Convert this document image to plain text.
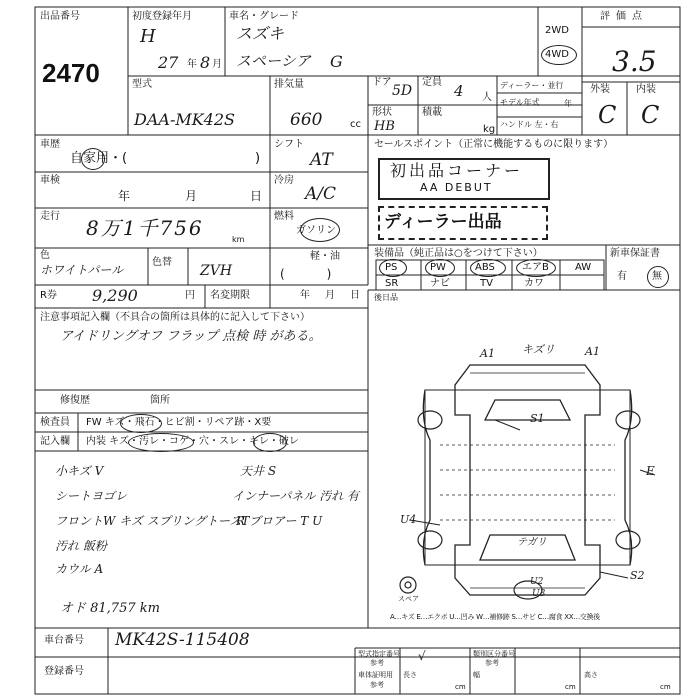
出品番号
2470
初度登録年月
H
27 年 8 月
車名・グレード
スズキ
スペーシア G
2WD
4WD
評価点
3.5
外装	内装
C C
型式
DAA-MK42S
排気量
660	cc
ドア
5D
定員 4 人
形状
HB
積載
kg
ディーラー・並行
モデル年式	年
ハンドル 左・右
車歴
自家用・(	)
車検
年	月	日
走行 8万1千756	km
色
ホワイトパール
色替
ZVH
シフト
AT
冷房
A/C
燃料
ガソリン
軽・油
(           )
R券 9,290	円 名変期限	年 月 日
セールスポイント（正常に機能するものに限ります）
初出品コーナー
AA DEBUT
ディーラー出品
装備品（純正品は○をつけて下さい）
PS	PW	ABS	エアB	AW
SR	ナビ	TV	カワ
新車保証書
有	無
後日品
注意事項記入欄（不具合の箇所は具体的に記入して下さい）
アイドリングオフ フラップ 点検 時 がある。
修復歴	箇所
検査員
記入欄
FW キズ・飛石・ヒビ割・リペア跡・X要
内装 キズ・汚レ・コゲ・穴・スレ・キレ・破レ
小キズ V
シートヨゴレ
フロントW キズ スプリングトースT
汚れ 飯粉
カウル A
天井 S
インナーパネル 汚れ 有
R ブロアー T U
オド 81,757 km
A1 キズリ	A1
E
S1
U4
テガリ
U2
U3
S2
スペア
A…キズ E…エクボ U…凹み W…補修跡 S…サビ C…腐食 XX…交換後
車台番号 MK42S-115408
登録番号
型式指定番号
参考	√	類別区分番号
参考
車体証明用
参考
長さ
cm
幅
cm
高さ
cm
